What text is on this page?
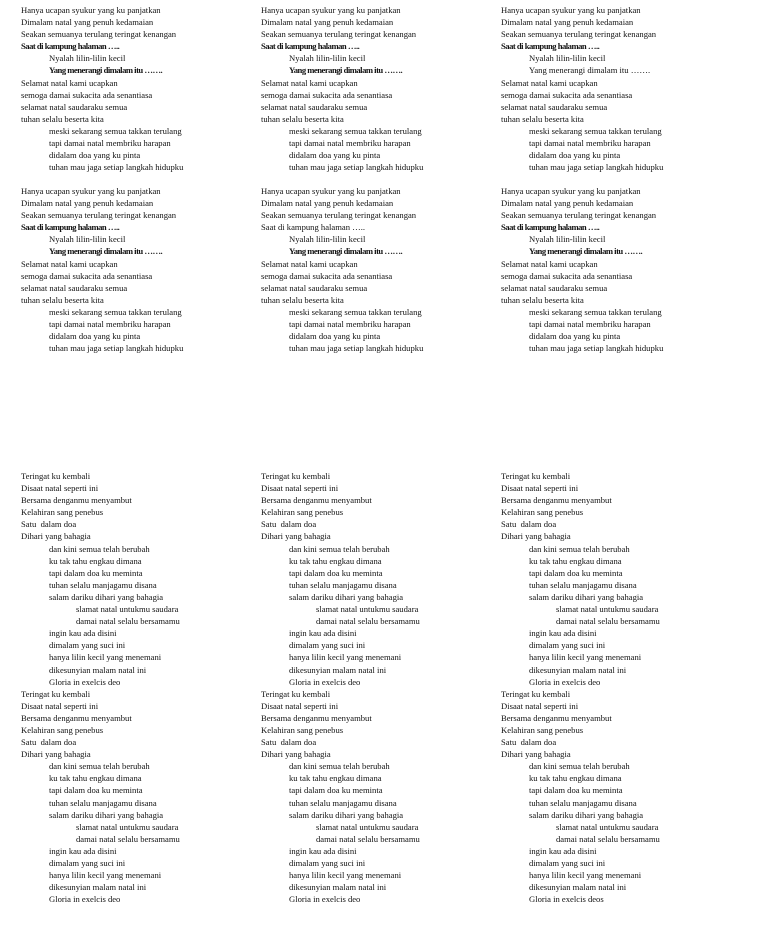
Hanya ucapan syukur yang ku panjatkan
Dimalam natal yang penuh kedamaian
Seakan semuanya terulang teringat kenangan
Saat di kampung halaman …..
Nyalah lilin-lilin kecil
Yang menerangi dimalam itu …….
Selamat natal kami ucapkan
semoga damai sukacita ada senantiasa
selamat natal saudaraku semua
tuhan selalu beserta kita
meski sekarang semua takkan terulang
tapi damai natal membriku harapan
didalam doa yang ku pinta
tuhan mau jaga setiap langkah hidupku
Hanya ucapan syukur yang ku panjatkan
Dimalam natal yang penuh kedamaian
Seakan semuanya terulang teringat kenangan
Saat di kampung halaman …..
Nyalah lilin-lilin kecil
Yang menerangi dimalam itu …….
Selamat natal kami ucapkan
semoga damai sukacita ada senantiasa
selamat natal saudaraku semua
tuhan selalu beserta kita
meski sekarang semua takkan terulang
tapi damai natal membriku harapan
didalam doa yang ku pinta
tuhan mau jaga setiap langkah hidupku
Hanya ucapan syukur yang ku panjatkan
Dimalam natal yang penuh kedamaian
Seakan semuanya terulang teringat kenangan
Saat di kampung halaman …..
Nyalah lilin-lilin kecil
Yang menerangi dimalam itu …….
Selamat natal kami ucapkan
semoga damai sukacita ada senantiasa
selamat natal saudaraku semua
tuhan selalu beserta kita
meski sekarang semua takkan terulang
tapi damai natal membriku harapan
didalam doa yang ku pinta
tuhan mau jaga setiap langkah hidupku
Hanya ucapan syukur yang ku panjatkan
Dimalam natal yang penuh kedamaian
Seakan semuanya terulang teringat kenangan
Saat di kampung halaman …..
Nyalah lilin-lilin kecil
Yang menerangi dimalam itu …….
Selamat natal kami ucapkan
semoga damai sukacita ada senantiasa
selamat natal saudaraku semua
tuhan selalu beserta kita
meski sekarang semua takkan terulang
tapi damai natal membriku harapan
didalam doa yang ku pinta
tuhan mau jaga setiap langkah hidupku
Hanya ucapan syukur yang ku panjatkan
Dimalam natal yang penuh kedamaian
Seakan semuanya terulang teringat kenangan
Saat di kampung halaman …..
Nyalah lilin-lilin kecil
Yang menerangi dimalam itu …….
Selamat natal kami ucapkan
semoga damai sukacita ada senantiasa
selamat natal saudaraku semua
tuhan selalu beserta kita
meski sekarang semua takkan terulang
tapi damai natal membriku harapan
didalam doa yang ku pinta
tuhan mau jaga setiap langkah hidupku
Hanya ucapan syukur yang ku panjatkan
Dimalam natal yang penuh kedamaian
Seakan semuanya terulang teringat kenangan
Saat di kampung halaman …..
Nyalah lilin-lilin kecil
Yang menerangi dimalam itu …….
Selamat natal kami ucapkan
semoga damai sukacita ada senantiasa
selamat natal saudaraku semua
tuhan selalu beserta kita
meski sekarang semua takkan terulang
tapi damai natal membriku harapan
didalam doa yang ku pinta
tuhan mau jaga setiap langkah hidupku
Teringat ku kembali
Disaat natal seperti ini
Bersama denganmu menyambut
Kelahiran sang penebus
Satu  dalam doa
Dihari yang bahagia
dan kini semua telah berubah
ku tak tahu engkau dimana
tapi dalam doa ku meminta
tuhan selalu manjagamu disana
salam dariku dihari yang bahagia
slamat natal untukmu saudara
damai natal selalu bersamamu
ingin kau ada disini
dimalam yang suci ini
hanya lilin kecil yang menemani
dikesunyian malam natal ini
Gloria in exelcis deo
Teringat ku kembali
Disaat natal seperti ini
Bersama denganmu menyambut
Kelahiran sang penebus
Satu  dalam doa
Dihari yang bahagia
dan kini semua telah berubah
ku tak tahu engkau dimana
tapi dalam doa ku meminta
tuhan selalu manjagamu disana
salam dariku dihari yang bahagia
slamat natal untukmu saudara
damai natal selalu bersamamu
ingin kau ada disini
dimalam yang suci ini
hanya lilin kecil yang menemani
dikesunyian malam natal ini
Gloria in exelcis deo
Teringat ku kembali
Disaat natal seperti ini
Bersama denganmu menyambut
Kelahiran sang penebus
Satu  dalam doa
Dihari yang bahagia
dan kini semua telah berubah
ku tak tahu engkau dimana
tapi dalam doa ku meminta
tuhan selalu manjagamu disana
salam dariku dihari yang bahagia
slamat natal untukmu saudara
damai natal selalu bersamamu
ingin kau ada disini
dimalam yang suci ini
hanya lilin kecil yang menemani
dikesunyian malam natal ini
Gloria in exelcis deo
Teringat ku kembali
Disaat natal seperti ini
Bersama denganmu menyambut
Kelahiran sang penebus
Satu  dalam doa
Dihari yang bahagia
dan kini semua telah berubah
ku tak tahu engkau dimana
tapi dalam doa ku meminta
tuhan selalu manjagamu disana
salam dariku dihari yang bahagia
slamat natal untukmu saudara
damai natal selalu bersamamu
ingin kau ada disini
dimalam yang suci ini
hanya lilin kecil yang menemani
dikesunyian malam natal ini
Gloria in exelcis deo
Teringat ku kembali
Disaat natal seperti ini
Bersama denganmu menyambut
Kelahiran sang penebus
Satu  dalam doa
Dihari yang bahagia
dan kini semua telah berubah
ku tak tahu engkau dimana
tapi dalam doa ku meminta
tuhan selalu manjagamu disana
salam dariku dihari yang bahagia
slamat natal untukmu saudara
damai natal selalu bersamamu
ingin kau ada disini
dimalam yang suci ini
hanya lilin kecil yang menemani
dikesunyian malam natal ini
Gloria in exelcis deo
Teringat ku kembali
Disaat natal seperti ini
Bersama denganmu menyambut
Kelahiran sang penebus
Satu  dalam doa
Dihari yang bahagia
dan kini semua telah berubah
ku tak tahu engkau dimana
tapi dalam doa ku meminta
tuhan selalu manjagamu disana
salam dariku dihari yang bahagia
slamat natal untukmu saudara
damai natal selalu bersamamu
ingin kau ada disini
dimalam yang suci ini
hanya lilin kecil yang menemani
dikesunyian malam natal ini
Gloria in exelcis deos
